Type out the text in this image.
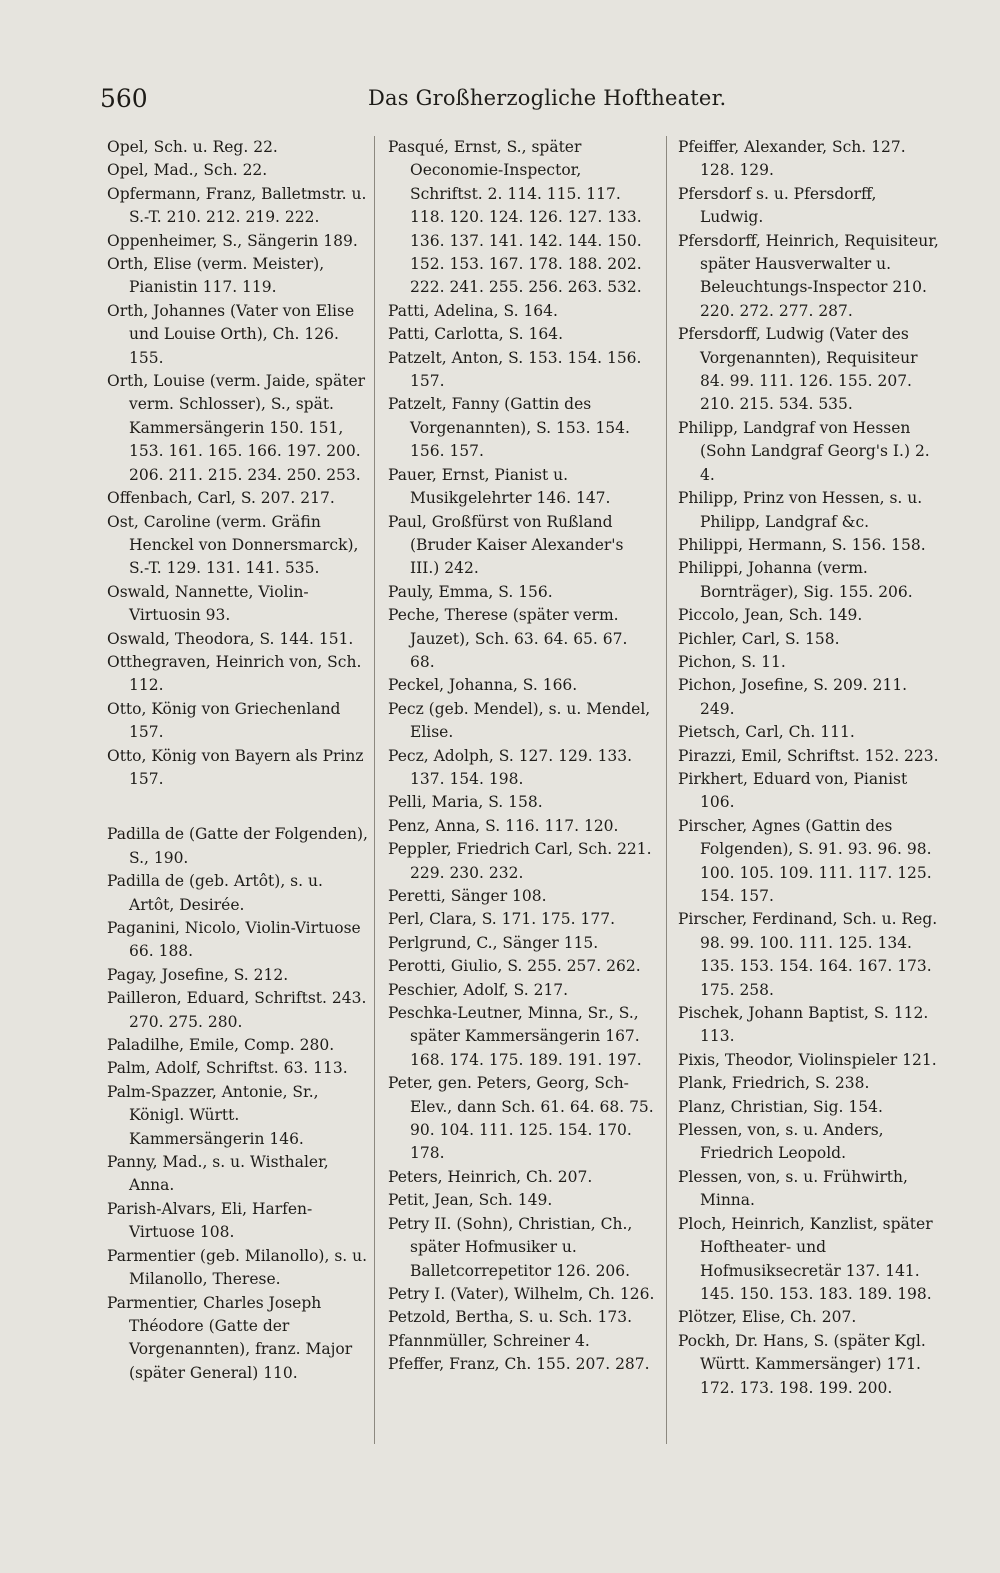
560	Das Großherzogliche Hoftheater.

Opel, Sch. u. Reg. 22.

Opel, Mad., Sch. 22.

Opfermann, Franz, Balletmstr. u. S.-T. 210. 212. 219. 222.

Oppenheimer, S., Sängerin 189.

Orth, Elise (verm. Meister), Pianistin 117. 119.

Orth, Johannes (Vater von Elise und Louise Orth), Ch. 126. 155.

Orth, Louise (verm. Jaide, später verm. Schlosser), S., spät. Kammersängerin 150. 151, 153. 161. 165. 166. 197. 200. 206. 211. 215. 234. 250. 253.

Offenbach, Carl, S. 207. 217.

Ost, Caroline (verm. Gräfin Henckel von Donnersmarck), S.-T. 129. 131. 141. 535.

Oswald, Nannette, Violin-Virtuosin 93.

Oswald, Theodora, S. 144. 151.

Otthegraven, Heinrich von, Sch. 112.

Otto, König von Griechenland 157.

Otto, König von Bayern als Prinz 157.

Padilla de (Gatte der Folgenden), S., 190.

Padilla de (geb. Artôt), s. u. Artôt, Desirée.

Paganini, Nicolo, Violin-Virtuose 66. 188.

Pagay, Josefine, S. 212.

Pailleron, Eduard, Schriftst. 243. 270. 275. 280.

Paladilhe, Emile, Comp. 280.

Palm, Adolf, Schriftst. 63. 113.

Palm-Spazzer, Antonie, Sr., Königl. Württ. Kammersängerin 146.

Panny, Mad., s. u. Wisthaler, Anna.

Parish-Alvars, Eli, Harfen-Virtuose 108.

Parmentier (geb. Milanollo), s. u. Milanollo, Therese.

Parmentier, Charles Joseph Théodore (Gatte der Vorgenannten), franz. Major (später General) 110.

Pasqué, Ernst, S., später Oeconomie-Inspector, Schriftst. 2. 114. 115. 117. 118. 120. 124. 126. 127. 133. 136. 137. 141. 142. 144. 150. 152. 153. 167. 178. 188. 202. 222. 241. 255. 256. 263. 532.

Patti, Adelina, S. 164.

Patti, Carlotta, S. 164.

Patzelt, Anton, S. 153. 154. 156. 157.

Patzelt, Fanny (Gattin des Vorgenannten), S. 153. 154. 156. 157.

Pauer, Ernst, Pianist u. Musikgelehrter 146. 147.

Paul, Großfürst von Rußland (Bruder Kaiser Alexander's III.) 242.

Pauly, Emma, S. 156.

Peche, Therese (später verm. Jauzet), Sch. 63. 64. 65. 67. 68.

Peckel, Johanna, S. 166.

Pecz (geb. Mendel), s. u. Mendel, Elise.

Pecz, Adolph, S. 127. 129. 133. 137. 154. 198.

Pelli, Maria, S. 158.

Penz, Anna, S. 116. 117. 120.

Peppler, Friedrich Carl, Sch. 221. 229. 230. 232.

Peretti, Sänger 108.

Perl, Clara, S. 171. 175. 177.

Perlgrund, C., Sänger 115.

Perotti, Giulio, S. 255. 257. 262.

Peschier, Adolf, S. 217.

Peschka-Leutner, Minna, Sr., S., später Kammersängerin 167. 168. 174. 175. 189. 191. 197.

Peter, gen. Peters, Georg, Sch-Elev., dann Sch. 61. 64. 68. 75. 90. 104. 111. 125. 154. 170. 178.

Peters, Heinrich, Ch. 207.

Petit, Jean, Sch. 149.

Petry II. (Sohn), Christian, Ch., später Hofmusiker u. Balletcorrepetitor 126. 206.

Petry I. (Vater), Wilhelm, Ch. 126.

Petzold, Bertha, S. u. Sch. 173.

Pfannmüller, Schreiner 4.

Pfeffer, Franz, Ch. 155. 207. 287.

Pfeiffer, Alexander, Sch. 127. 128. 129.

Pfersdorf s. u. Pfersdorff, Ludwig.

Pfersdorff, Heinrich, Requisiteur, später Hausverwalter u. Beleuchtungs-Inspector 210. 220. 272. 277. 287.

Pfersdorff, Ludwig (Vater des Vorgenannten), Requisiteur 84. 99. 111. 126. 155. 207. 210. 215. 534. 535.

Philipp, Landgraf von Hessen (Sohn Landgraf Georg's I.) 2. 4.

Philipp, Prinz von Hessen, s. u. Philipp, Landgraf &c.

Philippi, Hermann, S. 156. 158.

Philippi, Johanna (verm. Bornträger), Sig. 155. 206.

Piccolo, Jean, Sch. 149.

Pichler, Carl, S. 158.

Pichon, S. 11.

Pichon, Josefine, S. 209. 211. 249.

Pietsch, Carl, Ch. 111.

Pirazzi, Emil, Schriftst. 152. 223.

Pirkhert, Eduard von, Pianist 106.

Pirscher, Agnes (Gattin des Folgenden), S. 91. 93. 96. 98. 100. 105. 109. 111. 117. 125. 154. 157.

Pirscher, Ferdinand, Sch. u. Reg. 98. 99. 100. 111. 125. 134. 135. 153. 154. 164. 167. 173. 175. 258.

Pischek, Johann Baptist, S. 112. 113.

Pixis, Theodor, Violinspieler 121.

Plank, Friedrich, S. 238.

Planz, Christian, Sig. 154.

Plessen, von, s. u. Anders, Friedrich Leopold.

Plessen, von, s. u. Frühwirth, Minna.

Ploch, Heinrich, Kanzlist, später Hoftheater- und Hofmusiksecretär 137. 141. 145. 150. 153. 183. 189. 198.

Plötzer, Elise, Ch. 207.

Pockh, Dr. Hans, S. (später Kgl. Württ. Kammersänger) 171. 172. 173. 198. 199. 200.
